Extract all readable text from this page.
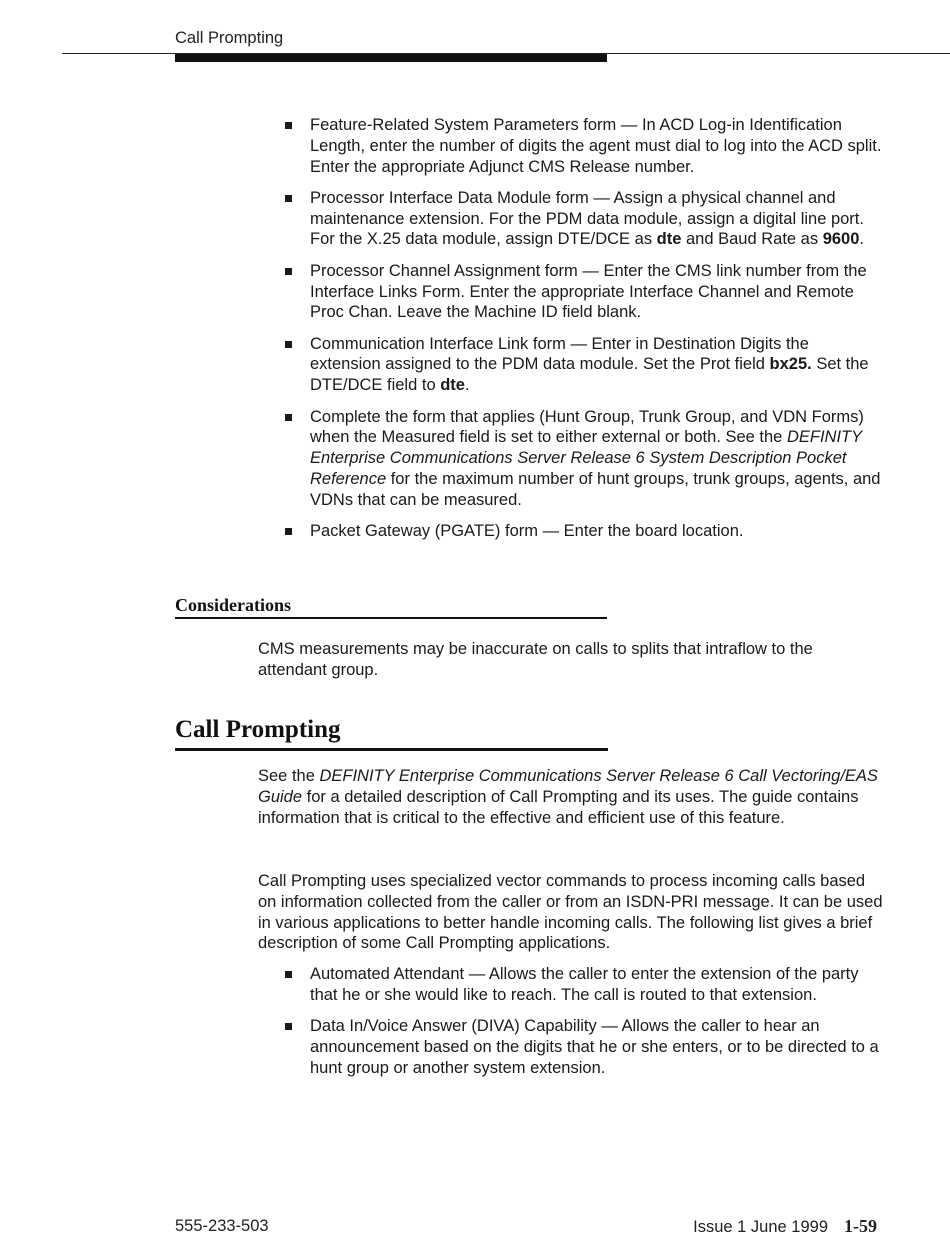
Call Prompting
Feature-Related System Parameters form — In ACD Log-in Identification Length, enter the number of digits the agent must dial to log into the ACD split. Enter the appropriate Adjunct CMS Release number.
Processor Interface Data Module form — Assign a physical channel and maintenance extension. For the PDM data module, assign a digital line port. For the X.25 data module, assign DTE/DCE as dte and Baud Rate as 9600.
Processor Channel Assignment form — Enter the CMS link number from the Interface Links Form. Enter the appropriate Interface Channel and Remote Proc Chan. Leave the Machine ID field blank.
Communication Interface Link form — Enter in Destination Digits the extension assigned to the PDM data module. Set the Prot field bx25. Set the DTE/DCE field to dte.
Complete the form that applies (Hunt Group, Trunk Group, and VDN Forms) when the Measured field is set to either external or both. See the DEFINITY Enterprise Communications Server Release 6 System Description Pocket Reference for the maximum number of hunt groups, trunk groups, agents, and VDNs that can be measured.
Packet Gateway (PGATE) form — Enter the board location.
Considerations

CMS measurements may be inaccurate on calls to splits that intraflow to the attendant group.

Call Prompting

See the DEFINITY Enterprise Communications Server Release 6 Call Vectoring/EAS Guide for a detailed description of Call Prompting and its uses. The guide contains information that is critical to the effective and efficient use of this feature.

Call Prompting uses specialized vector commands to process incoming calls based on information collected from the caller or from an ISDN-PRI message. It can be used in various applications to better handle incoming calls. The following list gives a brief description of some Call Prompting applications.

Automated Attendant — Allows the caller to enter the extension of the party that he or she would like to reach. The call is routed to that extension.
Data In/Voice Answer (DIVA) Capability — Allows the caller to hear an announcement based on the digits that he or she enters, or to be directed to a hunt group or another system extension.
555-233-503	Issue 1 June 1999 1-59
